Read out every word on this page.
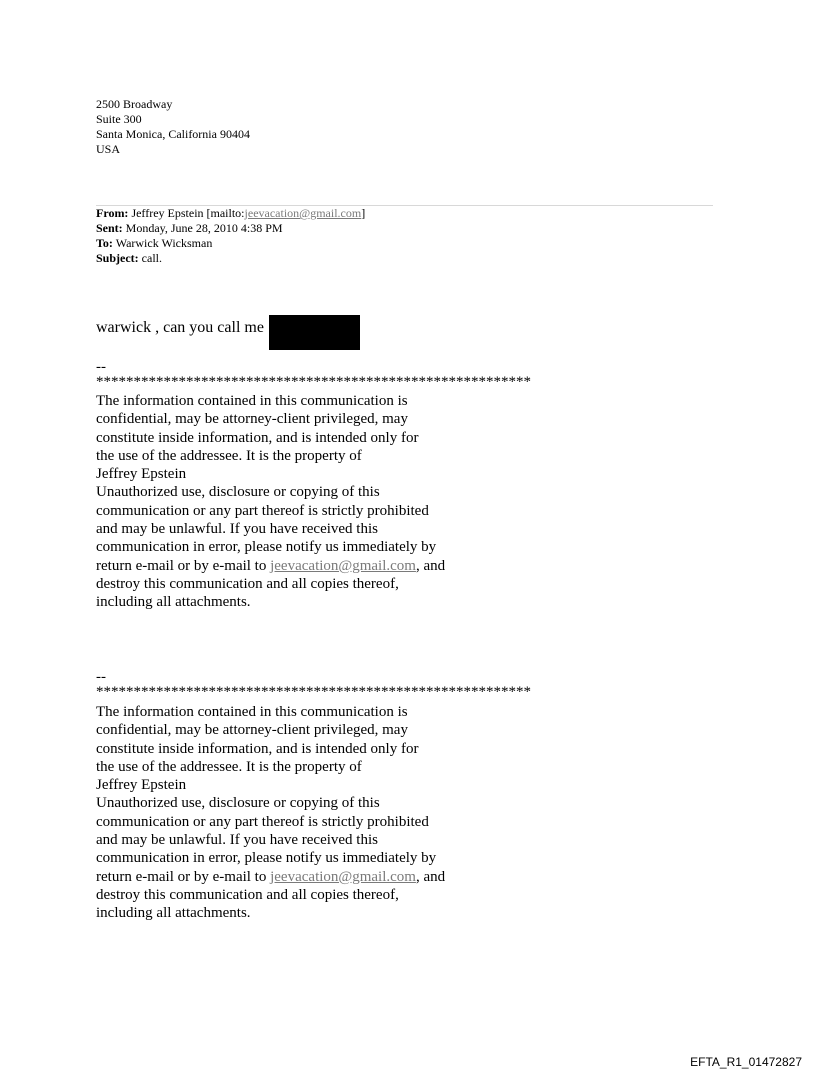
2500 Broadway
Suite 300
Santa Monica, California 90404
USA
From: Jeffrey Epstein [mailto:jeevacation@gmail.com]
Sent: Monday, June 28, 2010 4:38 PM
To: Warwick Wicksman
Subject: call.
warwick , can you call me
--
**********************************************************
The information contained in this communication is
confidential, may be attorney-client privileged, may
constitute inside information, and is intended only for
the use of the addressee. It is the property of
Jeffrey Epstein
Unauthorized use, disclosure or copying of this
communication or any part thereof is strictly prohibited
and may be unlawful. If you have received this
communication in error, please notify us immediately by
return e-mail or by e-mail to jeevacation@gmail.com, and
destroy this communication and all copies thereof,
including all attachments.
--
**********************************************************
The information contained in this communication is
confidential, may be attorney-client privileged, may
constitute inside information, and is intended only for
the use of the addressee. It is the property of
Jeffrey Epstein
Unauthorized use, disclosure or copying of this
communication or any part thereof is strictly prohibited
and may be unlawful. If you have received this
communication in error, please notify us immediately by
return e-mail or by e-mail to jeevacation@gmail.com, and
destroy this communication and all copies thereof,
including all attachments.
EFTA_R1_01472827
